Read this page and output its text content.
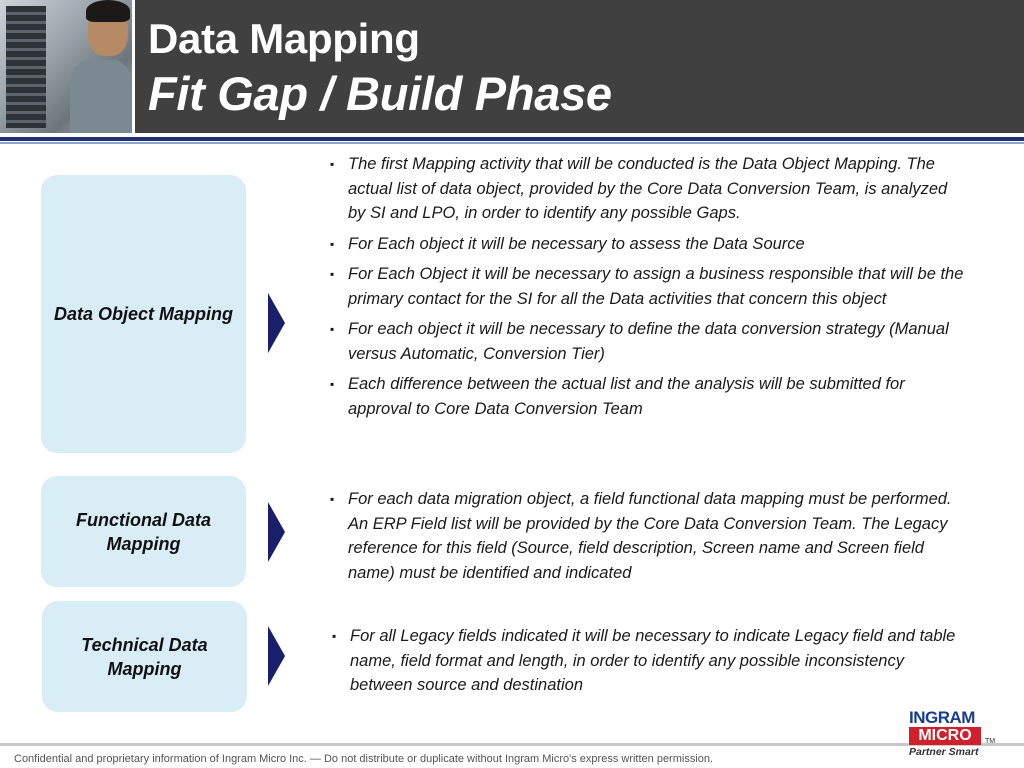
Data Mapping
Fit Gap / Build Phase
Data Object Mapping
▪ The first Mapping activity that will be conducted is the Data Object Mapping. The actual list of data object, provided by the Core Data Conversion Team, is analyzed by SI and LPO, in order to identify any possible Gaps.
▪ For Each object it will be necessary to assess the Data Source
▪ For Each Object it will be necessary to assign a business responsible that will be the primary contact for the SI for all the Data activities that concern this object
▪ For each object it will be necessary to define the data conversion strategy (Manual versus Automatic, Conversion Tier)
▪ Each difference between the actual list and the analysis will be submitted for approval to Core Data Conversion Team
Functional Data Mapping
▪ For each data migration object, a field functional data mapping must be performed. An ERP Field list will be provided by the Core Data Conversion Team. The Legacy reference for this field (Source, field description, Screen name and Screen field name) must be identified and indicated
Technical Data Mapping
▪ For all Legacy fields indicated it will be necessary to indicate Legacy field and table name, field format and length, in order to identify any possible inconsistency between source and destination
Confidential and proprietary information of Ingram Micro Inc. — Do not distribute or duplicate without Ingram Micro's express written permission.
INGRAM
MICRO	TM
Partner Smart
